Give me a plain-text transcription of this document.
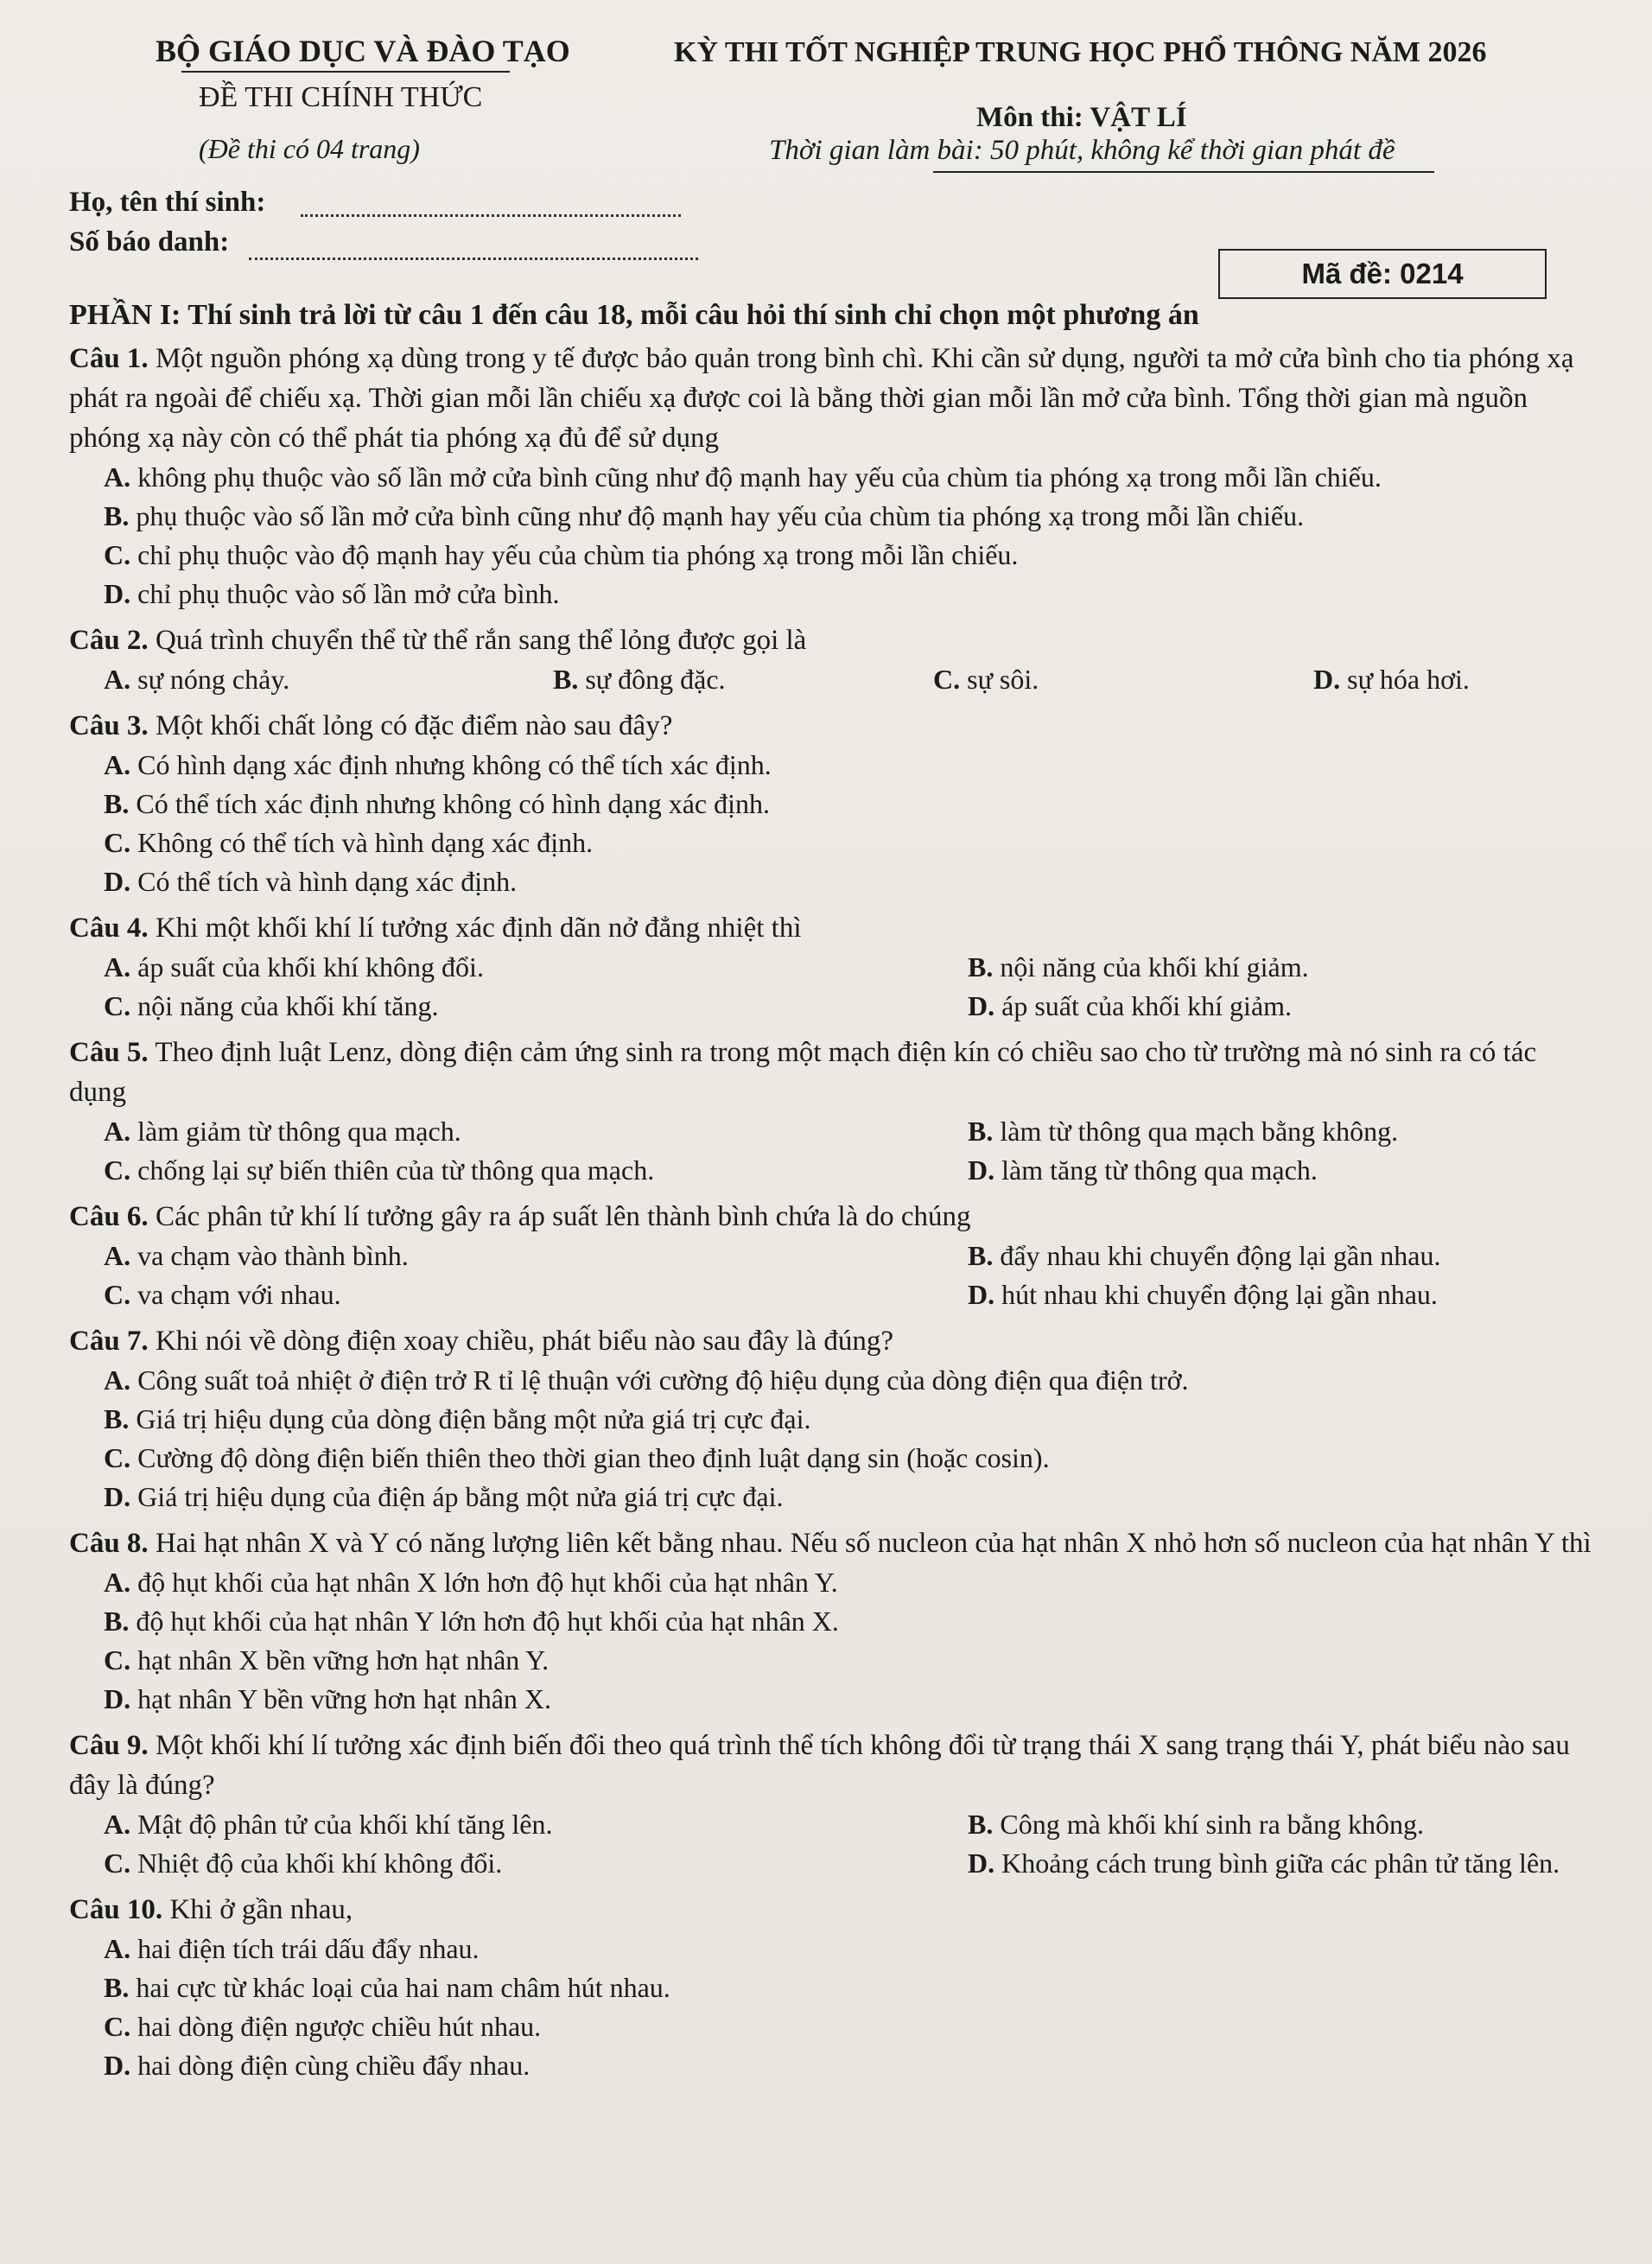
BỘ GIÁO DỤC VÀ ĐÀO TẠO
ĐỀ THI CHÍNH THỨC
(Đề thi có 04 trang)
KỲ THI TỐT NGHIỆP TRUNG HỌC PHỔ THÔNG NĂM 2026
Môn thi: VẬT LÍ
Thời gian làm bài: 50 phút, không kể thời gian phát đề
Họ, tên thí sinh:
Số báo danh:
Mã đề: 0214
PHẦN I: Thí sinh trả lời từ câu 1 đến câu 18, mỗi câu hỏi thí sinh chỉ chọn một phương án
Câu 1. Một nguồn phóng xạ dùng trong y tế được bảo quản trong bình chì. Khi cần sử dụng, người ta mở cửa bình cho tia phóng xạ phát ra ngoài để chiếu xạ. Thời gian mỗi lần chiếu xạ được coi là bằng thời gian mỗi lần mở cửa bình. Tổng thời gian mà nguồn phóng xạ này còn có thể phát tia phóng xạ đủ để sử dụng
A. không phụ thuộc vào số lần mở cửa bình cũng như độ mạnh hay yếu của chùm tia phóng xạ trong mỗi lần chiếu.
B. phụ thuộc vào số lần mở cửa bình cũng như độ mạnh hay yếu của chùm tia phóng xạ trong mỗi lần chiếu.
C. chỉ phụ thuộc vào độ mạnh hay yếu của chùm tia phóng xạ trong mỗi lần chiếu.
D. chỉ phụ thuộc vào số lần mở cửa bình.
Câu 2. Quá trình chuyển thể từ thể rắn sang thể lỏng được gọi là
A. sự nóng chảy.	B. sự đông đặc.	C. sự sôi.	D. sự hóa hơi.
Câu 3. Một khối chất lỏng có đặc điểm nào sau đây?
A. Có hình dạng xác định nhưng không có thể tích xác định.
B. Có thể tích xác định nhưng không có hình dạng xác định.
C. Không có thể tích và hình dạng xác định.
D. Có thể tích và hình dạng xác định.
Câu 4. Khi một khối khí lí tưởng xác định dãn nở đẳng nhiệt thì
A. áp suất của khối khí không đổi.	B. nội năng của khối khí giảm.
C. nội năng của khối khí tăng.	D. áp suất của khối khí giảm.
Câu 5. Theo định luật Lenz, dòng điện cảm ứng sinh ra trong một mạch điện kín có chiều sao cho từ trường mà nó sinh ra có tác dụng
A. làm giảm từ thông qua mạch.	B. làm từ thông qua mạch bằng không.
C. chống lại sự biến thiên của từ thông qua mạch.	D. làm tăng từ thông qua mạch.
Câu 6. Các phân tử khí lí tưởng gây ra áp suất lên thành bình chứa là do chúng
A. va chạm vào thành bình.	B. đẩy nhau khi chuyển động lại gần nhau.
C. va chạm với nhau.	D. hút nhau khi chuyển động lại gần nhau.
Câu 7. Khi nói về dòng điện xoay chiều, phát biểu nào sau đây là đúng?
A. Công suất toả nhiệt ở điện trở R tỉ lệ thuận với cường độ hiệu dụng của dòng điện qua điện trở.
B. Giá trị hiệu dụng của dòng điện bằng một nửa giá trị cực đại.
C. Cường độ dòng điện biến thiên theo thời gian theo định luật dạng sin (hoặc cosin).
D. Giá trị hiệu dụng của điện áp bằng một nửa giá trị cực đại.
Câu 8. Hai hạt nhân X và Y có năng lượng liên kết bằng nhau. Nếu số nucleon của hạt nhân X nhỏ hơn số nucleon của hạt nhân Y thì
A. độ hụt khối của hạt nhân X lớn hơn độ hụt khối của hạt nhân Y.
B. độ hụt khối của hạt nhân Y lớn hơn độ hụt khối của hạt nhân X.
C. hạt nhân X bền vững hơn hạt nhân Y.
D. hạt nhân Y bền vững hơn hạt nhân X.
Câu 9. Một khối khí lí tưởng xác định biến đổi theo quá trình thể tích không đổi từ trạng thái X sang trạng thái Y, phát biểu nào sau đây là đúng?
A. Mật độ phân tử của khối khí tăng lên.	B. Công mà khối khí sinh ra bằng không.
C. Nhiệt độ của khối khí không đổi.	D. Khoảng cách trung bình giữa các phân tử tăng lên.
Câu 10. Khi ở gần nhau,
A. hai điện tích trái dấu đẩy nhau.
B. hai cực từ khác loại của hai nam châm hút nhau.
C. hai dòng điện ngược chiều hút nhau.
D. hai dòng điện cùng chiều đẩy nhau.
